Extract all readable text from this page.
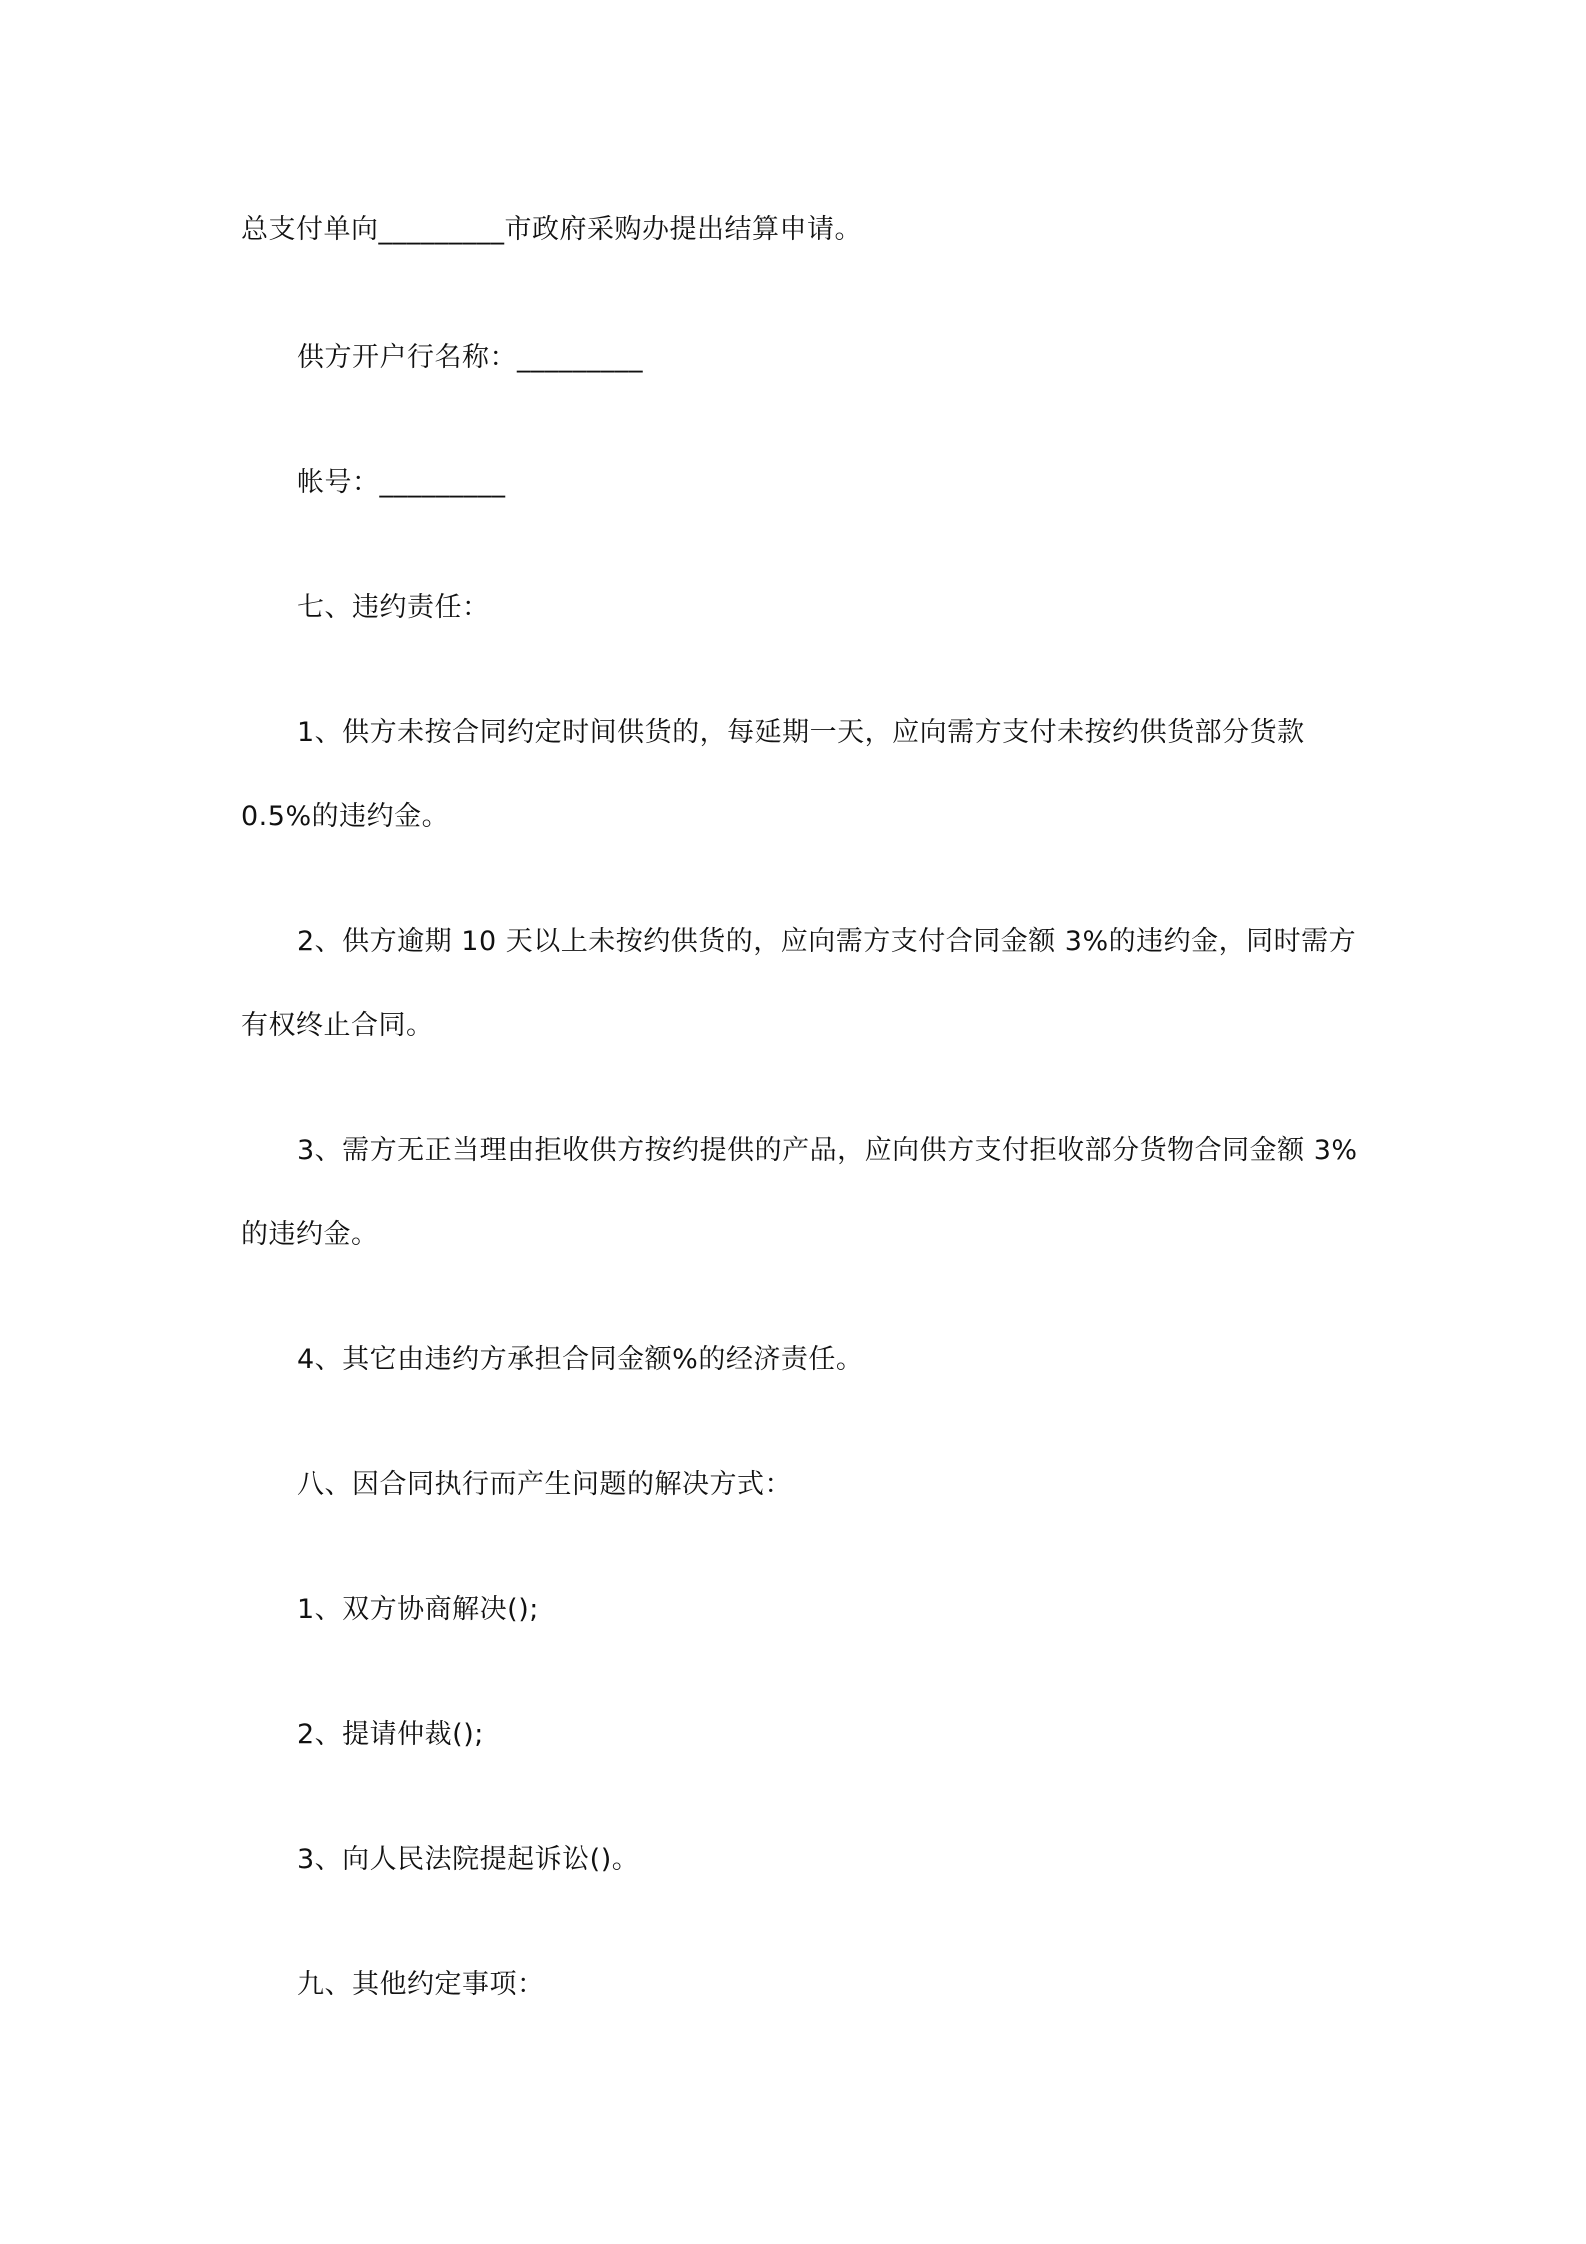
总支付单向_________市政府采购办提出结算申请。

供方开户行名称：_________

帐号：_________

七、违约责任：

1、供方未按合同约定时间供货的，每延期一天，应向需方支付未按约供货部分货款

0.5%的违约金。

2、供方逾期 10 天以上未按约供货的，应向需方支付合同金额 3%的违约金，同时需方

有权终止合同。

3、需方无正当理由拒收供方按约提供的产品，应向供方支付拒收部分货物合同金额 3%

的违约金。

4、其它由违约方承担合同金额%的经济责任。

八、因合同执行而产生问题的解决方式：

1、双方协商解决();

2、提请仲裁();

3、向人民法院提起诉讼()。

九、其他约定事项：
